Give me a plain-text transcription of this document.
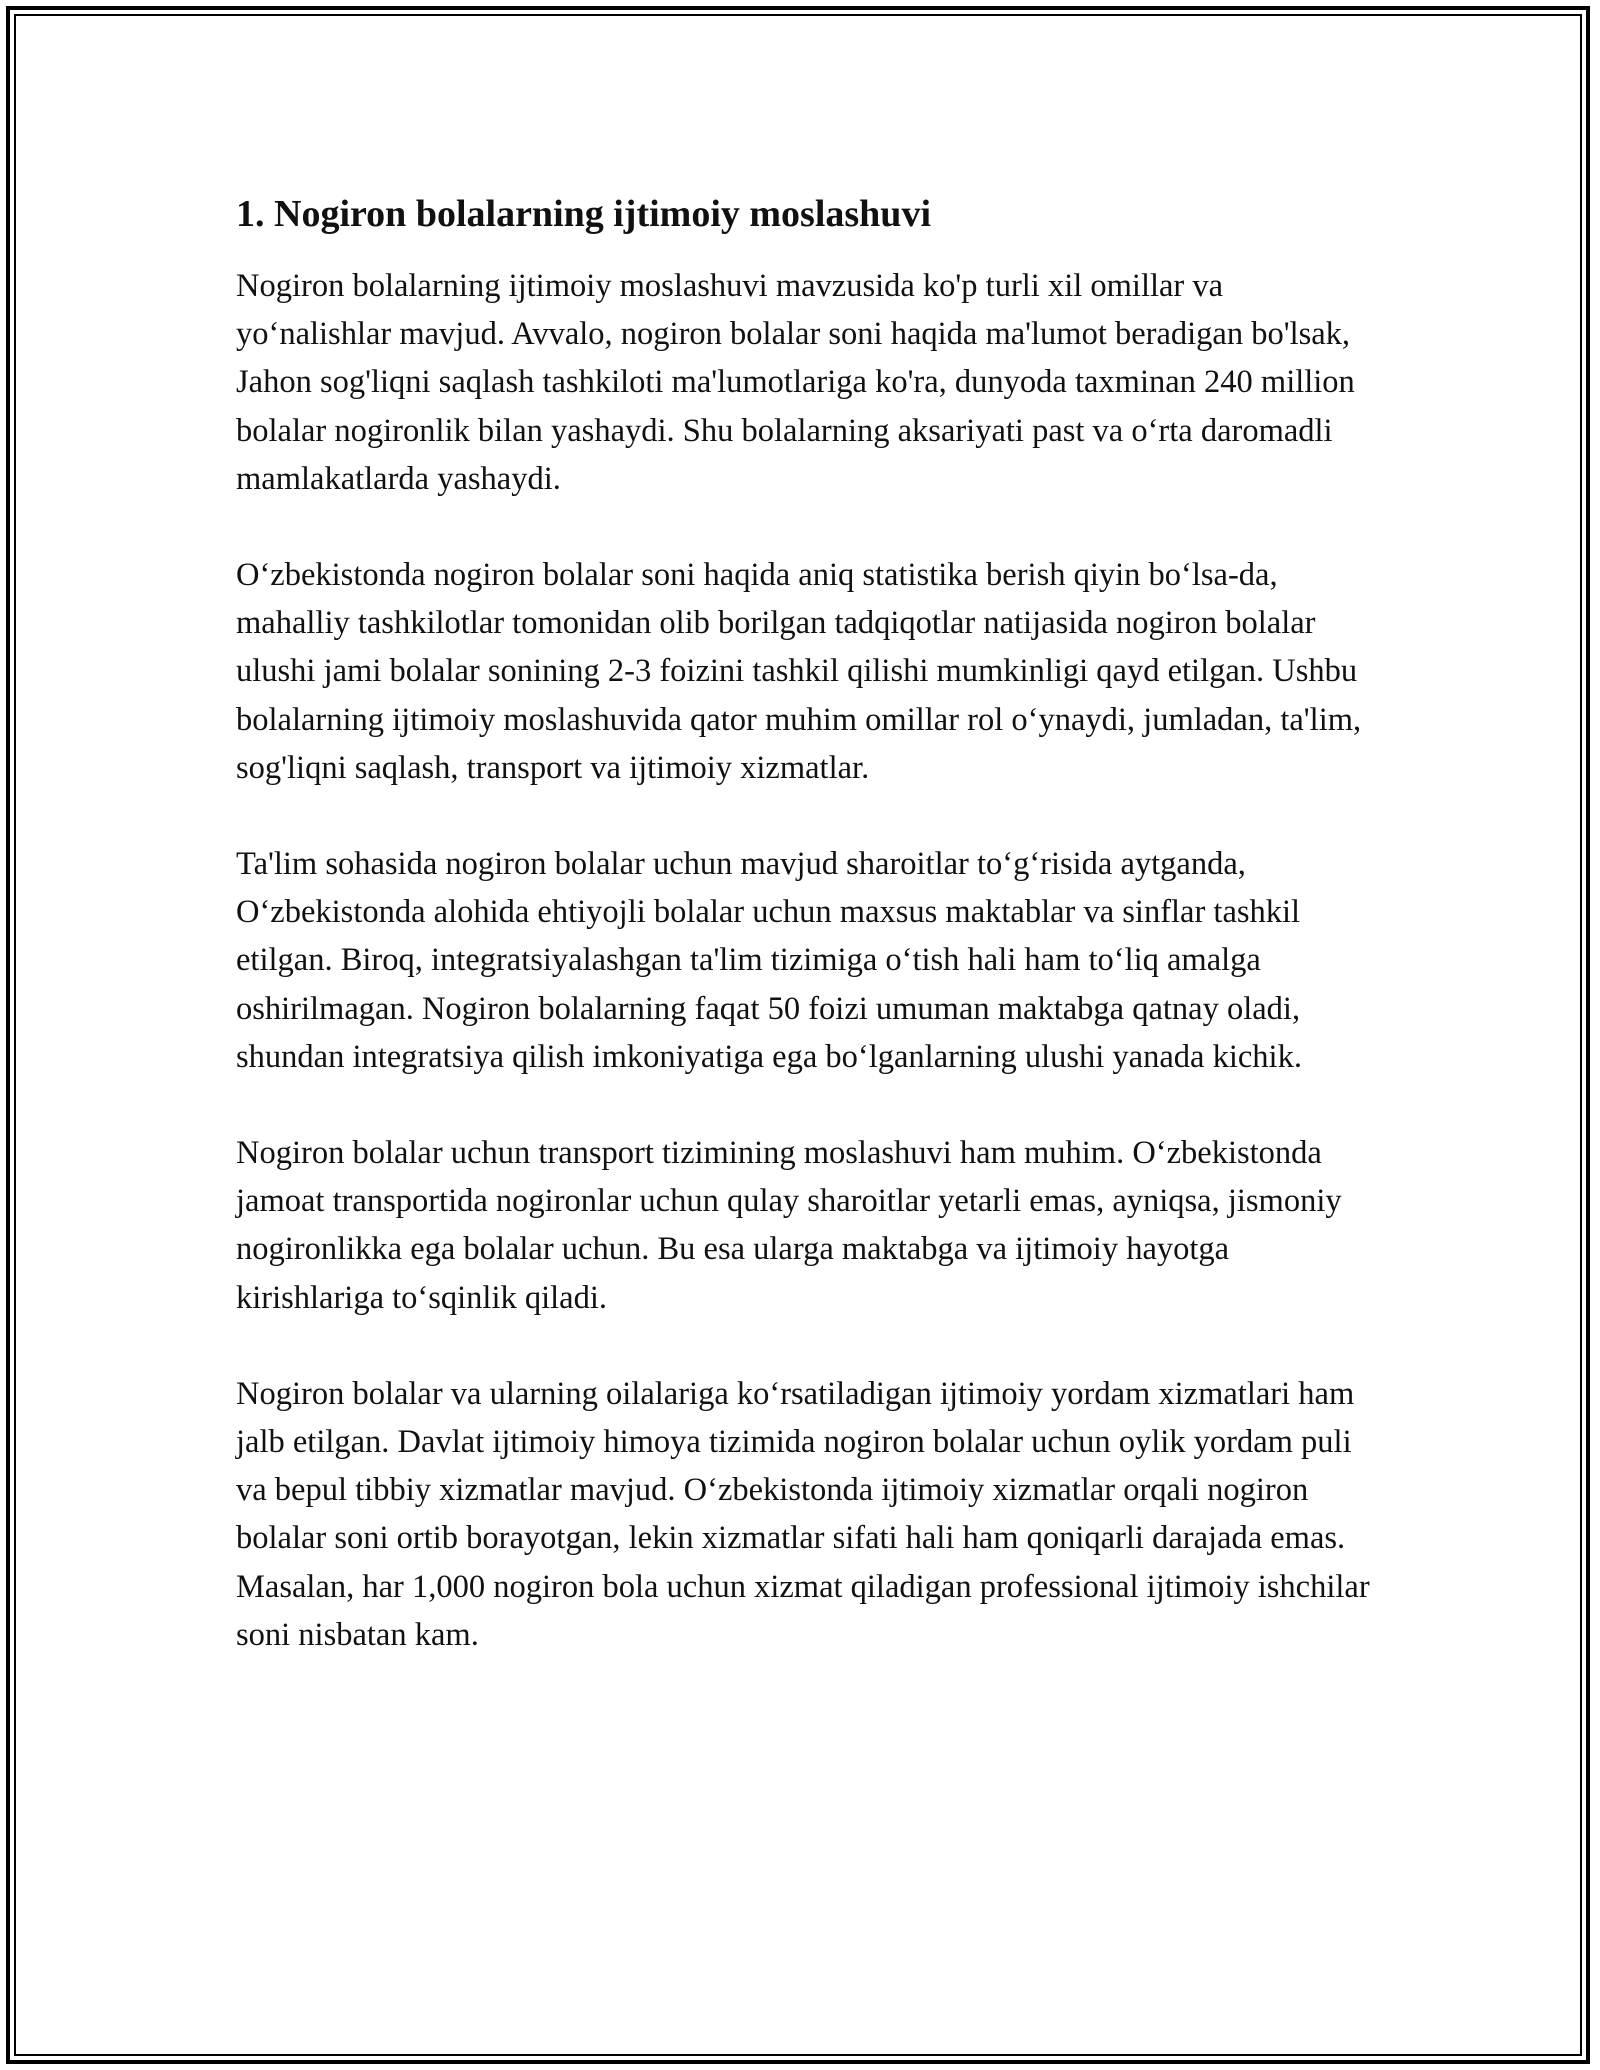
1. Nogiron bolalarning ijtimoiy moslashuvi

Nogiron bolalarning ijtimoiy moslashuvi mavzusida ko'p turli xil omillar va yo‘nalishlar mavjud. Avvalo, nogiron bolalar soni haqida ma'lumot beradigan bo'lsak, Jahon sog'liqni saqlash tashkiloti ma'lumotlariga ko'ra, dunyoda taxminan 240 million bolalar nogironlik bilan yashaydi. Shu bolalarning aksariyati past va o‘rta daromadli mamlakatlarda yashaydi.

O‘zbekistonda nogiron bolalar soni haqida aniq statistika berish qiyin bo‘lsa-da, mahalliy tashkilotlar tomonidan olib borilgan tadqiqotlar natijasida nogiron bolalar ulushi jami bolalar sonining 2-3 foizini tashkil qilishi mumkinligi qayd etilgan. Ushbu bolalarning ijtimoiy moslashuvida qator muhim omillar rol o‘ynaydi, jumladan, ta'lim, sog'liqni saqlash, transport va ijtimoiy xizmatlar.

Ta'lim sohasida nogiron bolalar uchun mavjud sharoitlar to‘g‘risida aytganda, O‘zbekistonda alohida ehtiyojli bolalar uchun maxsus maktablar va sinflar tashkil etilgan. Biroq, integratsiyalashgan ta'lim tizimiga o‘tish hali ham to‘liq amalga oshirilmagan. Nogiron bolalarning faqat 50 foizi umuman maktabga qatnay oladi, shundan integratsiya qilish imkoniyatiga ega bo‘lganlarning ulushi yanada kichik.

Nogiron bolalar uchun transport tizimining moslashuvi ham muhim. O‘zbekistonda jamoat transportida nogironlar uchun qulay sharoitlar yetarli emas, ayniqsa, jismoniy nogironlikka ega bolalar uchun. Bu esa ularga maktabga va ijtimoiy hayotga kirishlariga to‘sqinlik qiladi.

Nogiron bolalar va ularning oilalariga ko‘rsatiladigan ijtimoiy yordam xizmatlari ham jalb etilgan. Davlat ijtimoiy himoya tizimida nogiron bolalar uchun oylik yordam puli va bepul tibbiy xizmatlar mavjud. O‘zbekistonda ijtimoiy xizmatlar orqali nogiron bolalar soni ortib borayotgan, lekin xizmatlar sifati hali ham qoniqarli darajada emas. Masalan, har 1,000 nogiron bola uchun xizmat qiladigan professional ijtimoiy ishchilar soni nisbatan kam.
